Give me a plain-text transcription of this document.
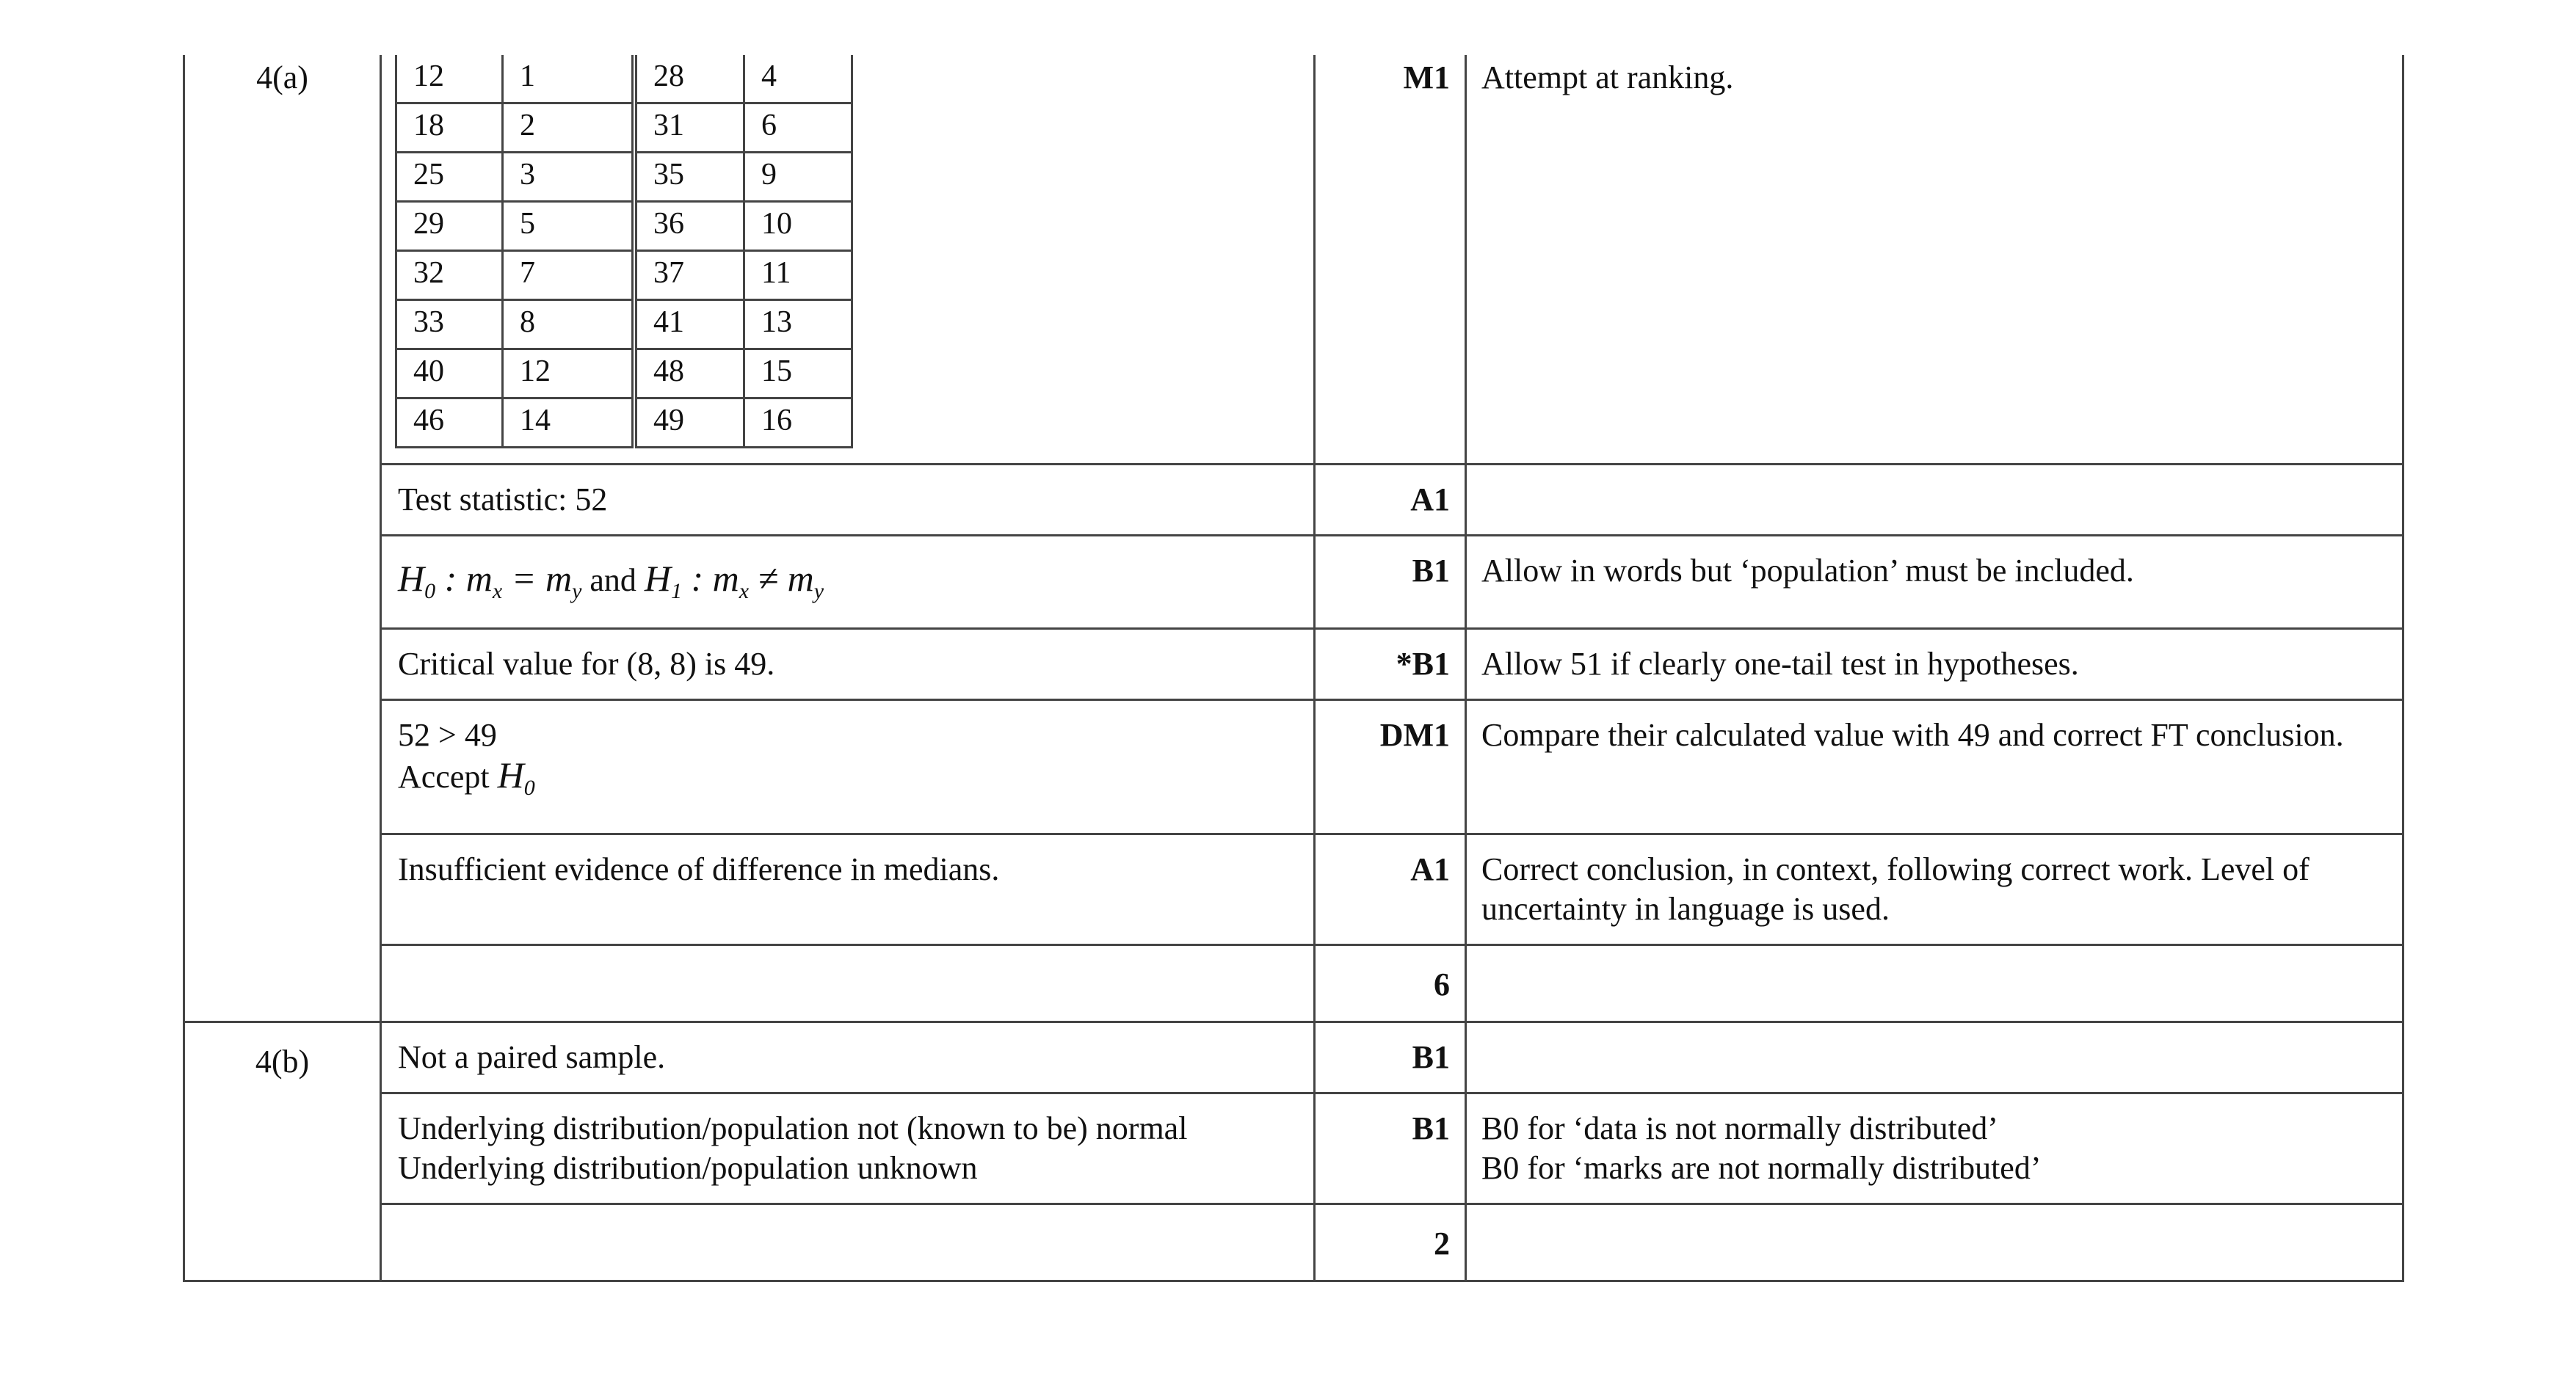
4(a)		12	1	28	4
18	2	31	6
25	3	35	9
29	5	36	10
32	7	37	11
33	8	41	13
40	12	48	15
46	14	49	16
	M1	Attempt at ranking.
Test statistic: 52	A1	
$H_0$ : $m_x = m_y$ and $H_1$ : $m_x \ne m_y$	B1	Allow in words but ‘population’ must be included.
Critical value for (8, 8) is 49.	*B1	Allow 51 if clearly one-tail test in hypotheses.

52 > 49
Accept $H_0$
	DM1	Compare their calculated value with 49 and correct FT conclusion.
Insufficient evidence of difference in medians.	A1	Correct conclusion, in context, following correct work. Level of uncertainty in language is used.
	6	
4(b)	Not a paired sample.	B1	

Underlying distribution/population not (known to be) normal
Underlying distribution/population unknown
	B1	B0 for ‘data is not normally distributed’
B0 for ‘marks are not normally distributed’

	2	
